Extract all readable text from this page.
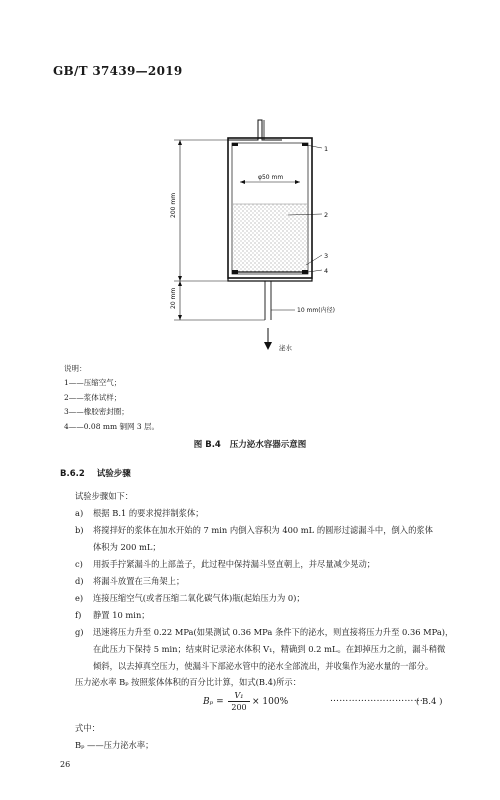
GB/T 37439—2019
φ50 mm
200 mm
20 mm
10 mm(内径)
泌水
1
2
3
4
说明：
1——压缩空气；
2——浆体试样；
3——橡胶密封圈；
4——0.08 mm 铜网 3 层。
图 B.4 压力泌水容器示意图
B.6.2 试验步骤
试验步骤如下：
a) 根据 B.1 的要求搅拌制浆体；
b) 将搅拌好的浆体在加水开始的 7 min 内倒入容积为 400 mL 的圆形过滤漏斗中，倒入的浆体
体积为 200 mL；
c) 用扳手拧紧漏斗的上部盖子，此过程中保持漏斗竖直朝上，并尽量减少晃动；
d) 将漏斗放置在三角架上；
e) 连接压缩空气(或者压缩二氧化碳气体)瓶(起始压力为 0)；
f) 静置 10 min；
g) 迅速将压力升至 0.22 MPa(如果测试 0.36 MPa 条件下的泌水，则直接将压力升至 0.36 MPa)，
在此压力下保持 5 min；结束时记录泌水体积 V₁，精确到 0.2 mL。在卸掉压力之前，漏斗稍微
倾斜，以去掉真空压力，使漏斗下部泌水管中的泌水全部流出，并收集作为泌水量的一部分。
压力泌水率 Bₚ 按照浆体体积的百分比计算，如式(B.4)所示：
$B_p = \frac{\text{V₁}}{200} \times 100\%$	…………………………
( B.4 )
式中：
Bₚ ——压力泌水率；
26
